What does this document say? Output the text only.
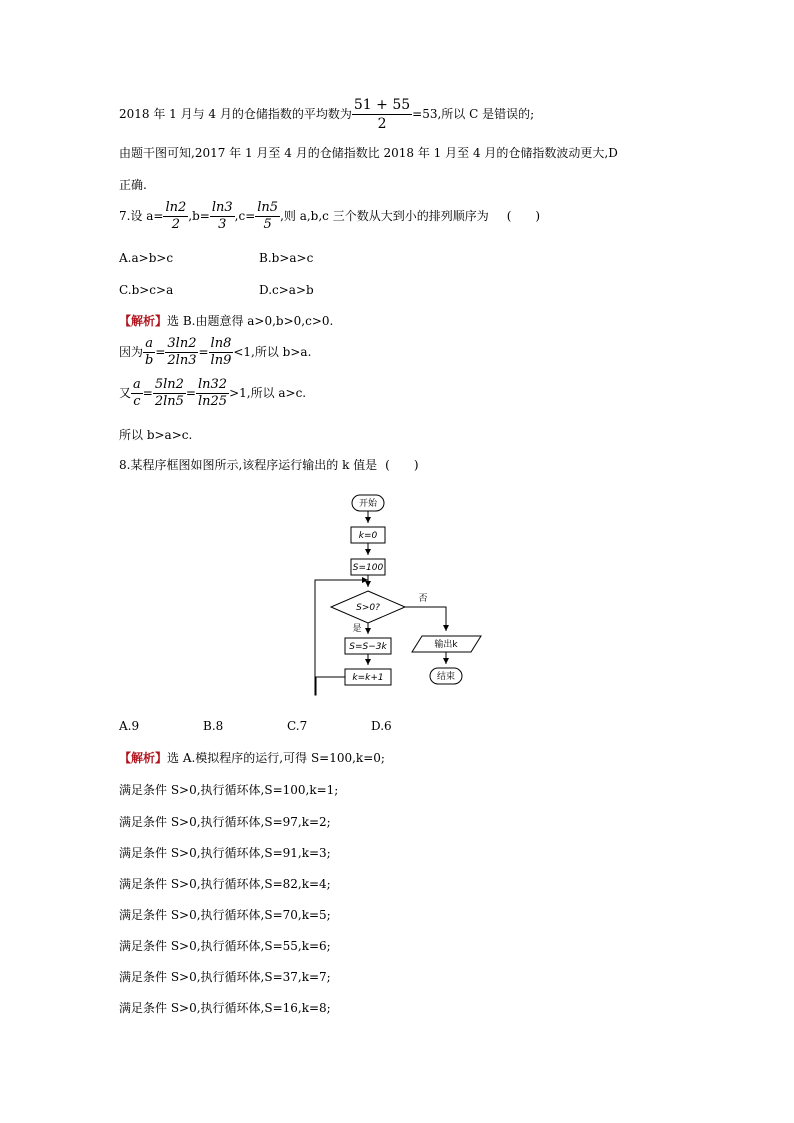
2018 年 1 月与 4 月的仓储指数的平均数为 $\frac{51 + 55}{2} =53$,所以 C 是错误的;
由题干图可知,2017 年 1 月至 4 月的仓储指数比 2018 年 1 月至 4 月的仓储指数波动更大,D
正确.
7.设 $a= \frac{\ln 2}{2} ,b= \frac{\ln 3}{3} ,c= \frac{\ln 5}{5}$ ,则 a,b,c 三个数从大到小的排列顺序为 (　　)
A.a>b>c	B.b>a>c
C.b>c>a	D.c>a>b
【解析】选 B.由题意得 a>0,b>0,c>0.
因为 $\frac{a}{b} = \frac{3\ln 2}{2\ln 3} = \frac{\ln 8}{\ln 9} <1$,所以 b>a.
又 $\frac{a}{c} = \frac{5\ln 2}{2\ln 5} = \frac{\ln 32}{\ln 25} >1$,所以 a>c.
所以 b>a>c.
8.某程序框图如图所示,该程序运行输出的 k 值是 (　　)
开始
k=0
S=100
S>0?
否
是
S=S−3k
k=k+1
输出k
结束
A.9	B.8	C.7	D.6
【解析】选 A.模拟程序的运行,可得 S=100,k=0;
满足条件 S>0,执行循环体,S=100,k=1;
满足条件 S>0,执行循环体,S=97,k=2;
满足条件 S>0,执行循环体,S=91,k=3;
满足条件 S>0,执行循环体,S=82,k=4;
满足条件 S>0,执行循环体,S=70,k=5;
满足条件 S>0,执行循环体,S=55,k=6;
满足条件 S>0,执行循环体,S=37,k=7;
满足条件 S>0,执行循环体,S=16,k=8;
